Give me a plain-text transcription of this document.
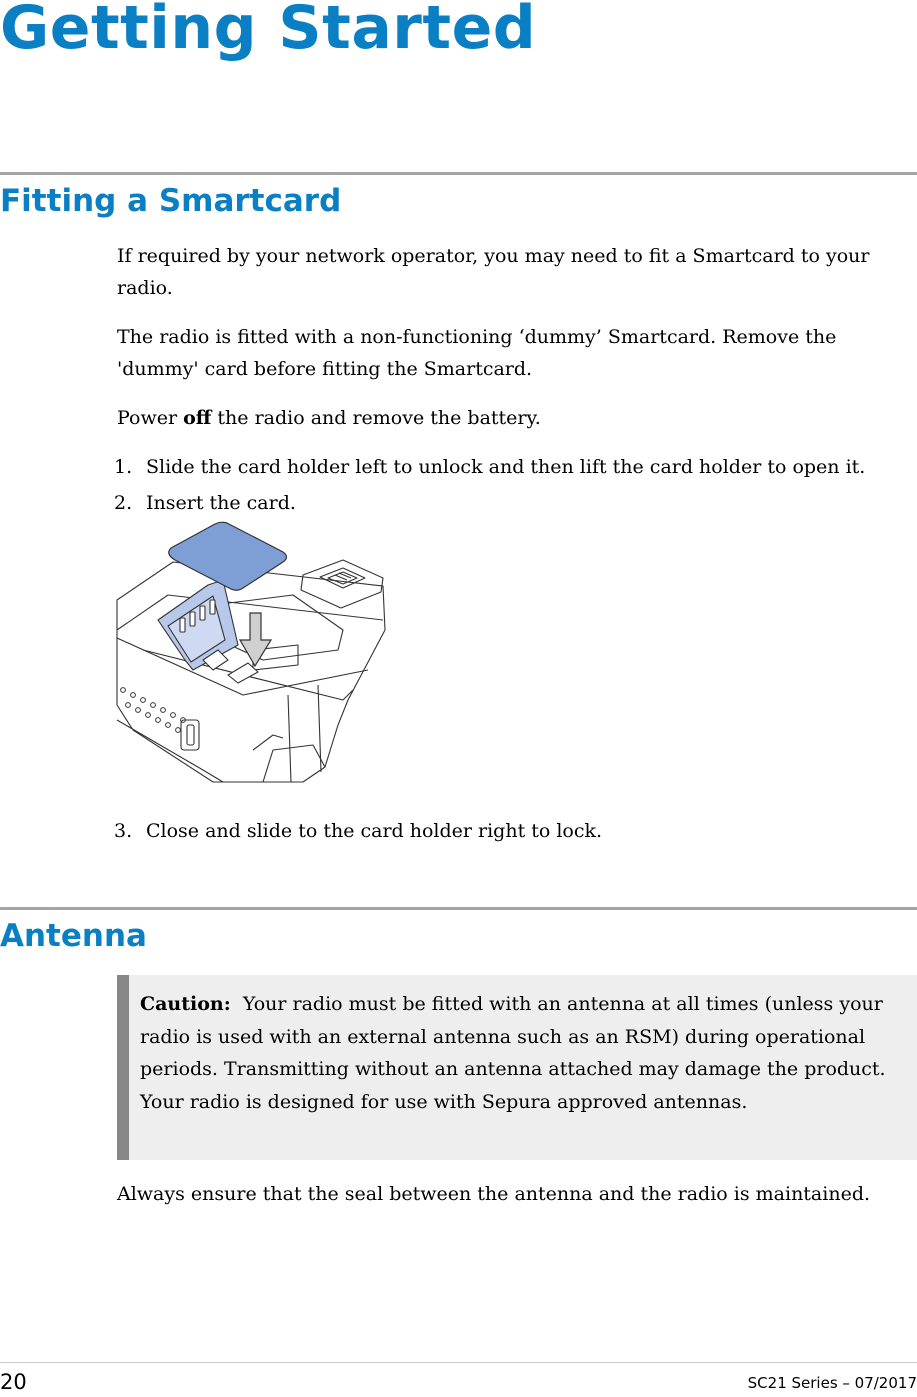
Getting Started
Fitting a Smartcard

If required by your network operator, you may need to fit a Smartcard to your radio.

The radio is fitted with a non-functioning ‘dummy’ Smartcard. Remove the 'dummy' card before fitting the Smartcard.

Power off the radio and remove the battery.

1. Slide the card holder left to unlock and then lift the card holder to open it.
2. Insert the card.
3. Close and slide to the card holder right to lock.
Antenna

Caution:  Your radio must be fitted with an antenna at all times (unless your radio is used with an external antenna such as an RSM) during operational periods. Transmitting without an antenna attached may damage the product. Your radio is designed for use with Sepura approved antennas.

Always ensure that the seal between the antenna and the radio is maintained.

20	SC21 Series – 07/2017
